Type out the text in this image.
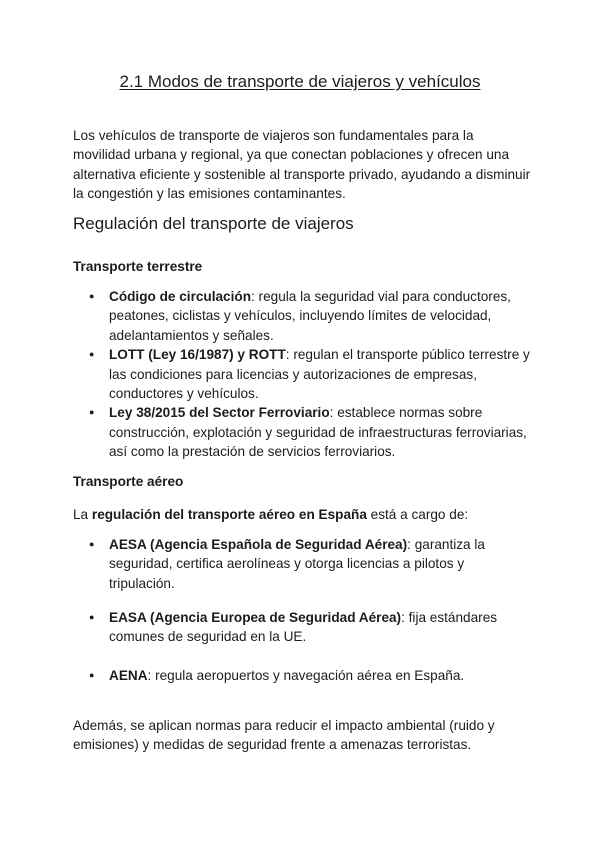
2.1 Modos de transporte de viajeros y vehículos

Los vehículos de transporte de viajeros son fundamentales para la movilidad urbana y regional, ya que conectan poblaciones y ofrecen una alternativa eficiente y sostenible al transporte privado, ayudando a disminuir la congestión y las emisiones contaminantes.

Regulación del transporte de viajeros
Transporte terrestre
● Código de circulación: regula la seguridad vial para conductores, peatones, ciclistas y vehículos, incluyendo límites de velocidad, adelantamientos y señales.
● LOTT (Ley 16/1987) y ROTT: regulan el transporte público terrestre y las condiciones para licencias y autorizaciones de empresas, conductores y vehículos.
● Ley 38/2015 del Sector Ferroviario: establece normas sobre construcción, explotación y seguridad de infraestructuras ferroviarias, así como la prestación de servicios ferroviarios.
Transporte aéreo

La regulación del transporte aéreo en España está a cargo de:

● AESA (Agencia Española de Seguridad Aérea): garantiza la seguridad, certifica aerolíneas y otorga licencias a pilotos y tripulación.
● EASA (Agencia Europea de Seguridad Aérea): fija estándares comunes de seguridad en la UE.
● AENA: regula aeropuertos y navegación aérea en España.

Además, se aplican normas para reducir el impacto ambiental (ruido y emisiones) y medidas de seguridad frente a amenazas terroristas.
